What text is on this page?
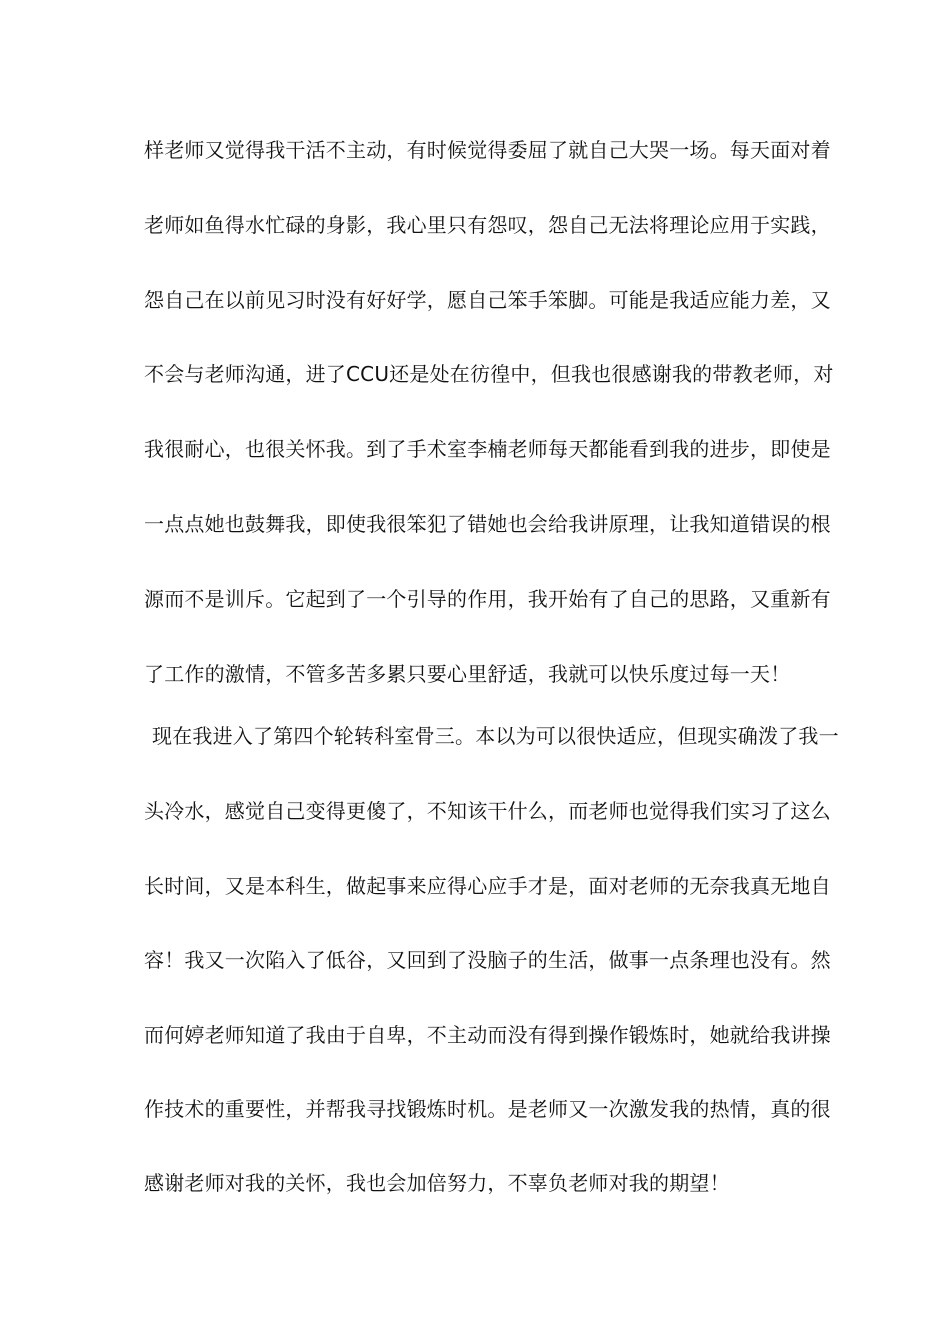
样老师又觉得我干活不主动，有时候觉得委屈了就自己大哭一场。每天面对着
老师如鱼得水忙碌的身影，我心里只有怨叹，怨自己无法将理论应用于实践，
怨自己在以前见习时没有好好学，愿自己笨手笨脚。可能是我适应能力差，又
不会与老师沟通，进了CCU还是处在彷徨中，但我也很感谢我的带教老师，对
我很耐心，也很关怀我。到了手术室李楠老师每天都能看到我的进步，即使是
一点点她也鼓舞我，即使我很笨犯了错她也会给我讲原理，让我知道错误的根
源而不是训斥。它起到了一个引导的作用，我开始有了自己的思路，又重新有
了工作的激情，不管多苦多累只要心里舒适，我就可以快乐度过每一天！
现在我进入了第四个轮转科室骨三。本以为可以很快适应，但现实确泼了我一
头冷水，感觉自己变得更傻了，不知该干什么，而老师也觉得我们实习了这么
长时间，又是本科生，做起事来应得心应手才是，面对老师的无奈我真无地自
容！我又一次陷入了低谷，又回到了没脑子的生活，做事一点条理也没有。然
而何婷老师知道了我由于自卑，不主动而没有得到操作锻炼时，她就给我讲操
作技术的重要性，并帮我寻找锻炼时机。是老师又一次激发我的热情，真的很
感谢老师对我的关怀，我也会加倍努力，不辜负老师对我的期望！
